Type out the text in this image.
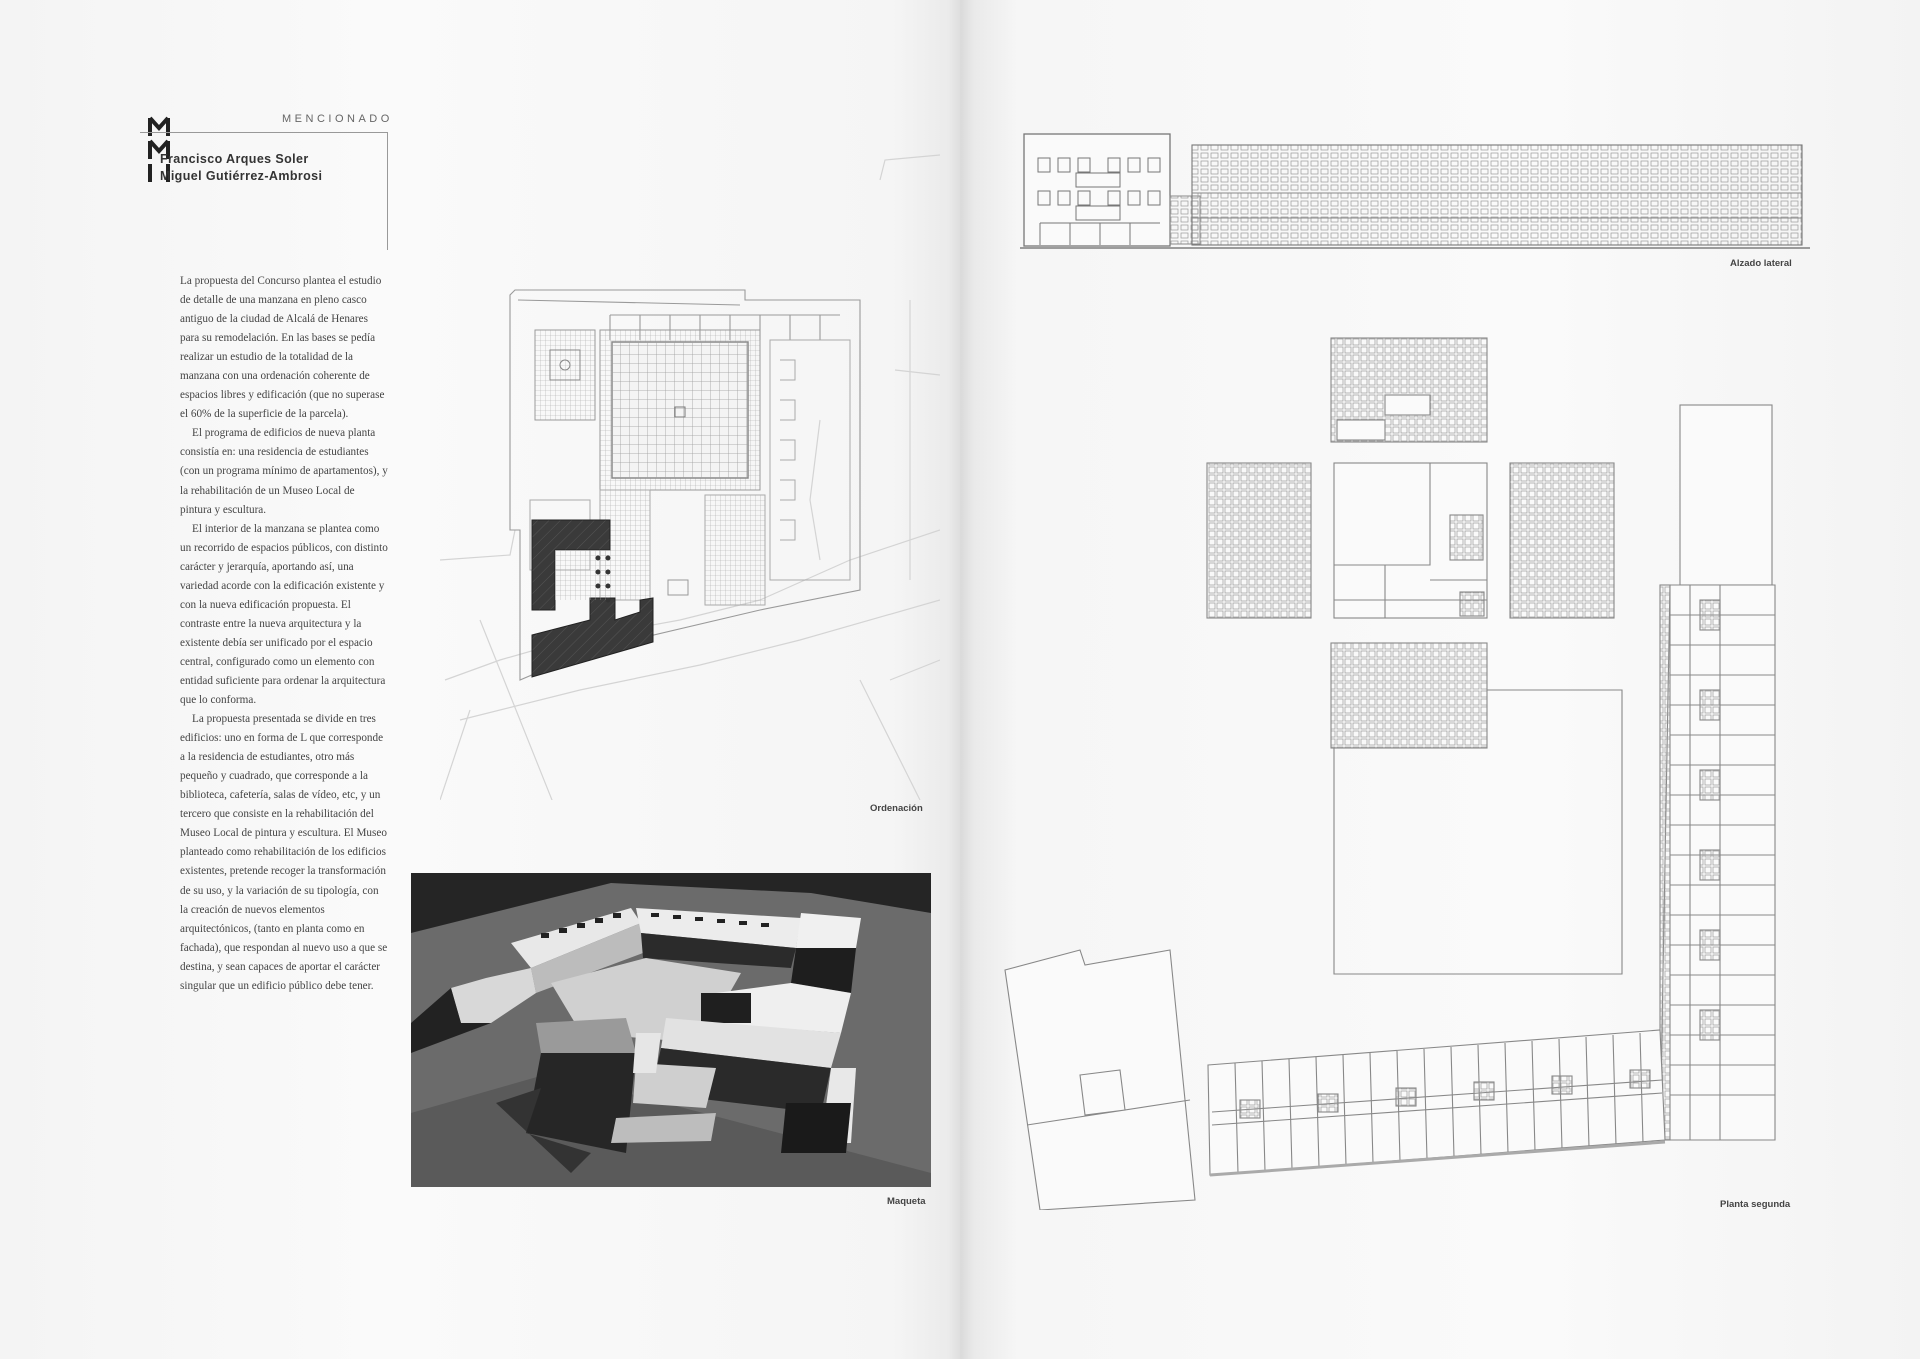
MENCIONADO
Francisco Arques Soler
Miguel Gutiérrez-Ambrosi

La propuesta del Concurso plantea el estudio de detalle de una manzana en pleno casco antiguo de la ciudad de Alcalá de Henares para su remodelación. En las bases se pedía realizar un estudio de la totalidad de la manzana con una ordenación coherente de espacios libres y edificación (que no superase el 60% de la superficie de la parcela).

El programa de edificios de nueva planta consistía en: una residencia de estudiantes (con un programa mínimo de apartamentos), y la rehabilitación de un Museo Local de pintura y escultura.

El interior de la manzana se plantea como un recorrido de espacios públicos, con distinto carácter y jerarquía, aportando así, una variedad acorde con la edificación existente y con la nueva edificación propuesta. El contraste entre la nueva arquitectura y la existente debía ser unificado por el espacio central, configurado como un elemento con entidad suficiente para ordenar la arquitectura que lo conforma.

La propuesta presentada se divide en tres edificios: uno en forma de L que corresponde a la residencia de estudiantes, otro más pequeño y cuadrado, que corresponde a la biblioteca, cafetería, salas de vídeo, etc, y un tercero que consiste en la rehabilitación del Museo Local de pintura y escultura. El Museo planteado como rehabilitación de los edificios existentes, pretende recoger la transformación de su uso, y la variación de su tipología, con la creación de nuevos elementos arquitectónicos, (tanto en planta como en fachada), que respondan al nuevo uso a que se destina, y sean capaces de aportar el carácter singular que un edificio público debe tener.

Ordenación
Maqueta
Alzado lateral
Planta segunda
